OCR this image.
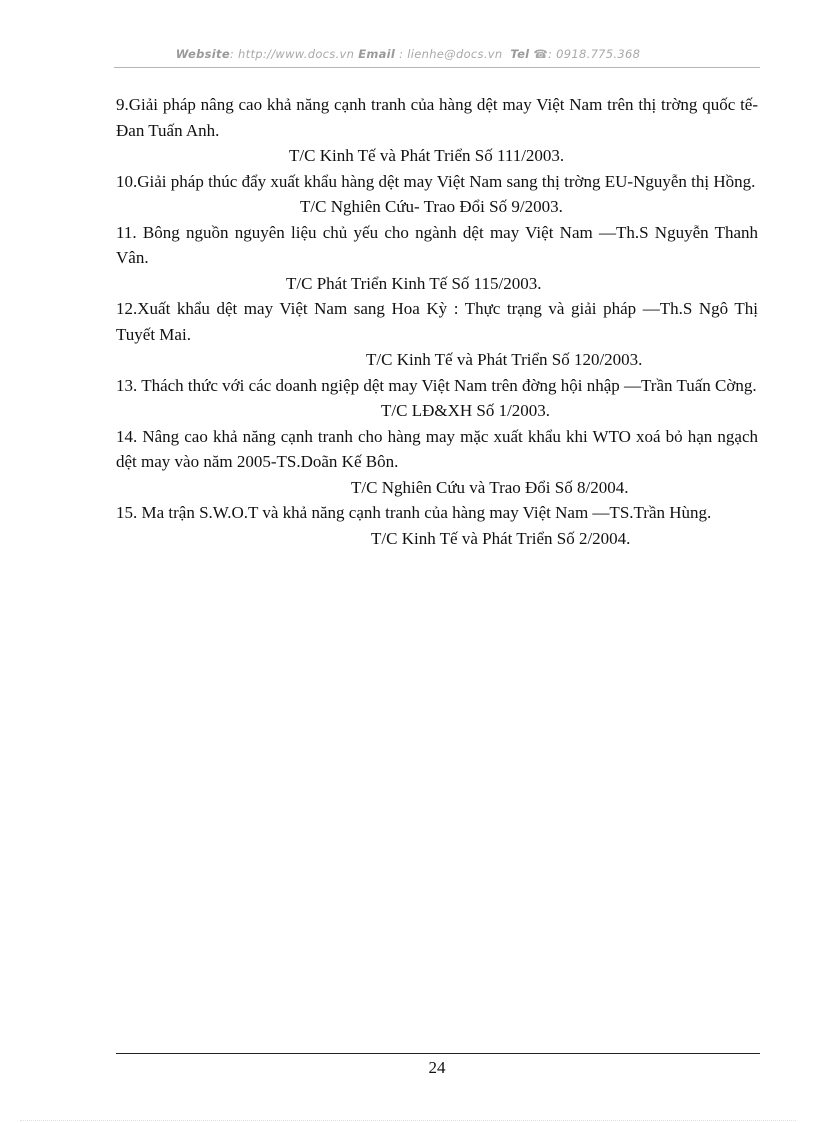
Website: http://www.docs.vn Email : lienhe@docs.vn Tel ☎: 0918.775.368

9.Giải pháp nâng cao khả năng cạnh tranh của hàng dệt may Việt Nam trên thị trờng quốc tế-Đan Tuấn Anh.

T/C Kinh Tế và Phát Triển Số 111/2003.

10.Giải pháp thúc đẩy xuất khẩu hàng dệt may Việt Nam sang thị trờng EU-Nguyễn thị Hồng.

T/C Nghiên Cứu- Trao Đổi Số 9/2003.

11. Bông nguồn nguyên liệu chủ yếu cho ngành dệt may Việt Nam —Th.S Nguyễn Thanh Vân.

T/C Phát Triển Kinh Tế Số 115/2003.

12.Xuất khẩu dệt may Việt Nam sang Hoa Kỳ : Thực trạng và giải pháp —Th.S Ngô Thị Tuyết Mai.

T/C Kinh Tế và Phát Triển Số 120/2003.

13. Thách thức với các doanh ngiệp dệt may Việt Nam trên đờng hội nhập —Trần Tuấn Cờng.

T/C LĐ&XH Số 1/2003.

14. Nâng cao khả năng cạnh tranh cho hàng may mặc xuất khẩu khi WTO xoá bỏ hạn ngạch dệt may vào năm 2005-TS.Doãn Kế Bôn.

T/C Nghiên Cứu và Trao Đổi Số 8/2004.

15. Ma trận S.W.O.T và khả năng cạnh tranh của hàng may Việt Nam —TS.Trần Hùng.

T/C Kinh Tế và Phát Triển Số 2/2004.

24
